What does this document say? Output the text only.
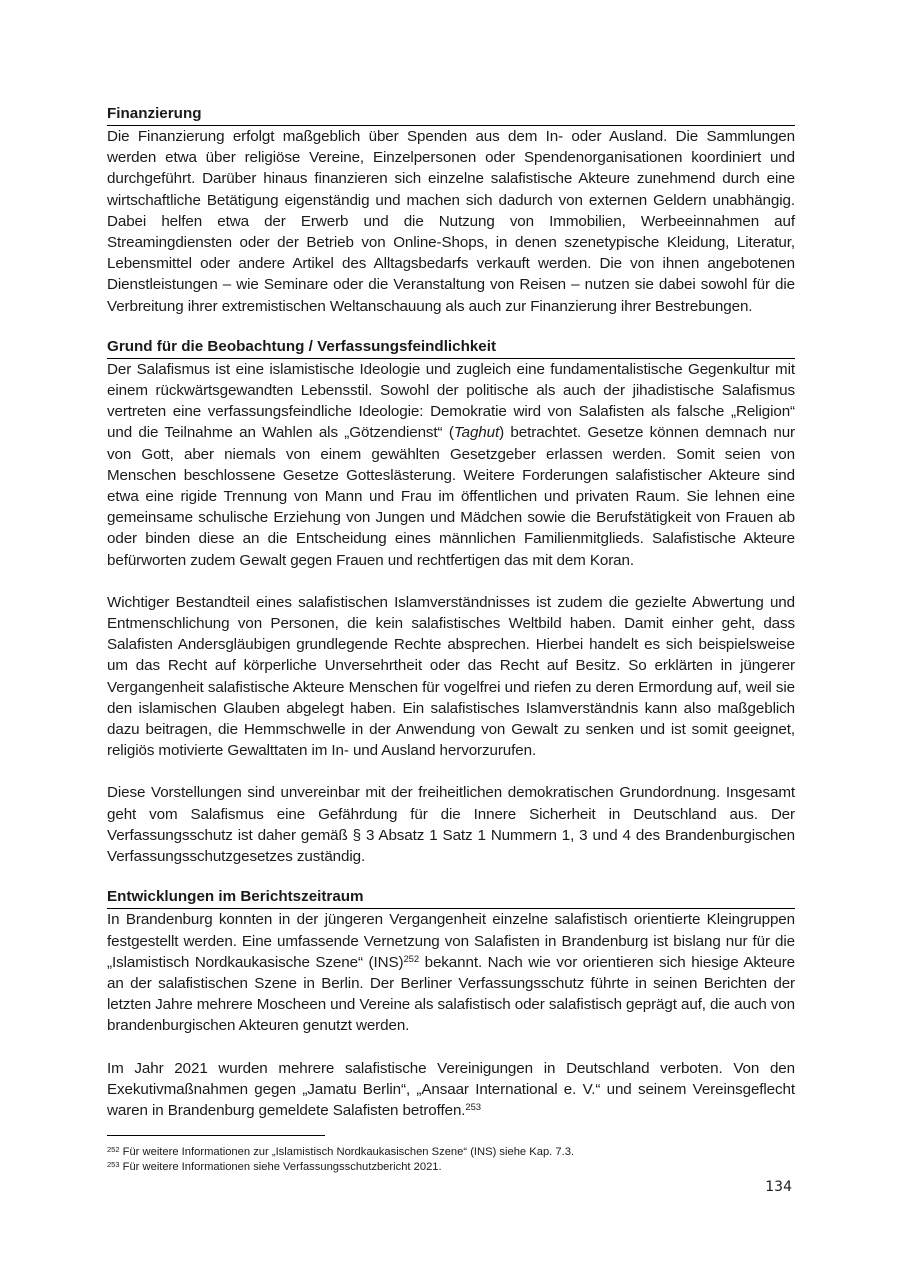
Finanzierung

Die Finanzierung erfolgt maßgeblich über Spenden aus dem In- oder Ausland. Die Sammlungen werden etwa über religiöse Vereine, Einzelpersonen oder Spendenorganisationen koordiniert und durchgeführt. Darüber hinaus finanzieren sich einzelne salafistische Akteure zunehmend durch eine wirtschaftliche Betätigung eigenständig und machen sich dadurch von externen Geldern unabhängig. Dabei helfen etwa der Erwerb und die Nutzung von Immobilien, Werbeeinnahmen auf Streamingdiensten oder der Betrieb von Online-Shops, in denen szenetypische Kleidung, Literatur, Lebensmittel oder andere Artikel des Alltagsbedarfs verkauft werden. Die von ihnen angebotenen Dienstleistungen – wie Seminare oder die Veranstaltung von Reisen – nutzen sie dabei sowohl für die Verbreitung ihrer extremistischen Weltanschauung als auch zur Finanzierung ihrer Bestrebungen.

Grund für die Beobachtung / Verfassungsfeindlichkeit

Der Salafismus ist eine islamistische Ideologie und zugleich eine fundamentalistische Gegenkultur mit einem rückwärtsgewandten Lebensstil. Sowohl der politische als auch der jihadistische Salafismus vertreten eine verfassungsfeindliche Ideologie: Demokratie wird von Salafisten als falsche „Religion“ und die Teilnahme an Wahlen als „Götzendienst“ (Taghut) betrachtet. Gesetze können demnach nur von Gott, aber niemals von einem gewählten Gesetzgeber erlassen werden. Somit seien von Menschen beschlossene Gesetze Gotteslästerung. Weitere Forderungen salafistischer Akteure sind etwa eine rigide Trennung von Mann und Frau im öffentlichen und privaten Raum. Sie lehnen eine gemeinsame schulische Erziehung von Jungen und Mädchen sowie die Berufstätigkeit von Frauen ab oder binden diese an die Entscheidung eines männlichen Familienmitglieds. Salafistische Akteure befürworten zudem Gewalt gegen Frauen und rechtfertigen das mit dem Koran.

Wichtiger Bestandteil eines salafistischen Islamverständnisses ist zudem die gezielte Abwertung und Entmenschlichung von Personen, die kein salafistisches Weltbild haben. Damit einher geht, dass Salafisten Andersgläubigen grundlegende Rechte absprechen. Hierbei handelt es sich beispielsweise um das Recht auf körperliche Unversehrtheit oder das Recht auf Besitz. So erklärten in jüngerer Vergangenheit salafistische Akteure Menschen für vogelfrei und riefen zu deren Ermordung auf, weil sie den islamischen Glauben abgelegt haben. Ein salafistisches Islamverständnis kann also maßgeblich dazu beitragen, die Hemmschwelle in der Anwendung von Gewalt zu senken und ist somit geeignet, religiös motivierte Gewalttaten im In- und Ausland hervorzurufen.

Diese Vorstellungen sind unvereinbar mit der freiheitlichen demokratischen Grundordnung. Insgesamt geht vom Salafismus eine Gefährdung für die Innere Sicherheit in Deutschland aus. Der Verfassungsschutz ist daher gemäß § 3 Absatz 1 Satz 1 Nummern 1, 3 und 4 des Brandenburgischen Verfassungsschutzgesetzes zuständig.

Entwicklungen im Berichtszeitraum

In Brandenburg konnten in der jüngeren Vergangenheit einzelne salafistisch orientierte Kleingruppen festgestellt werden. Eine umfassende Vernetzung von Salafisten in Brandenburg ist bislang nur für die „Islamistisch Nordkaukasische Szene“ (INS)$^{252}$ bekannt. Nach wie vor orientieren sich hiesige Akteure an der salafistischen Szene in Berlin. Der Berliner Verfassungsschutz führte in seinen Berichten der letzten Jahre mehrere Moscheen und Vereine als salafistisch oder salafistisch geprägt auf, die auch von brandenburgischen Akteuren genutzt werden.

Im Jahr 2021 wurden mehrere salafistische Vereinigungen in Deutschland verboten. Von den Exekutivmaßnahmen gegen „Jamatu Berlin“, „Ansaar International e. V.“ und seinem Vereinsgeflecht waren in Brandenburg gemeldete Salafisten betroffen.$^{253}$

$^{252}$ Für weitere Informationen zur „Islamistisch Nordkaukasischen Szene“ (INS) siehe Kap. 7.3.
$^{253}$ Für weitere Informationen siehe Verfassungsschutzbericht 2021.
134
